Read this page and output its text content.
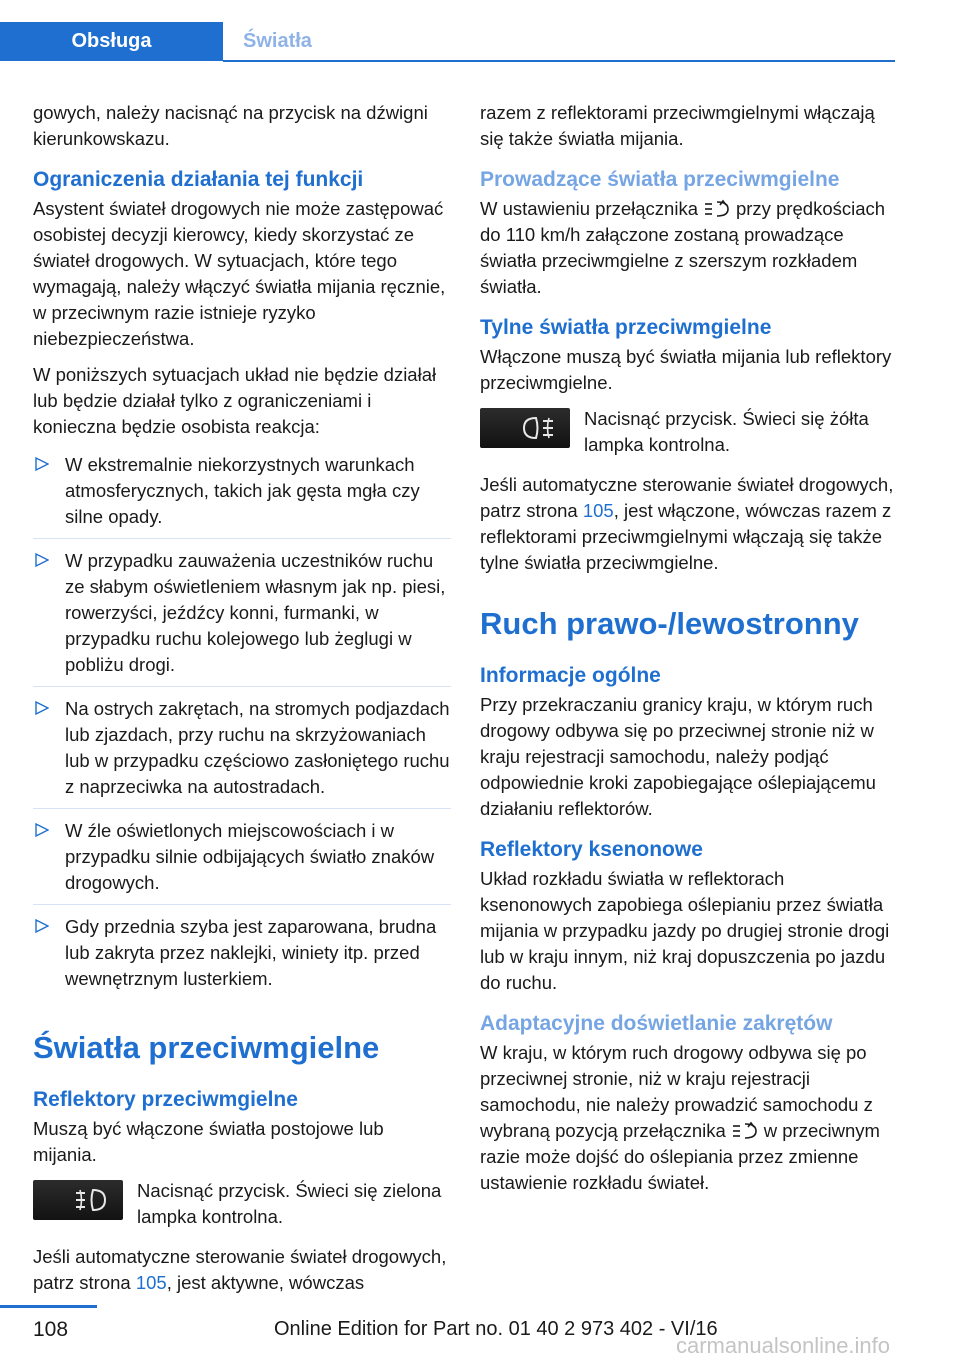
Obsługa	Światła

gowych, należy nacisnąć na przycisk na dźwigni kierunkowskazu.

Ograniczenia działania tej funkcji

Asystent świateł drogowych nie może zastępować osobistej decyzji kierowcy, kiedy skorzystać ze świateł drogowych. W sytuacjach, które tego wymagają, należy włączyć światła mijania ręcznie, w przeciwnym razie istnieje ryzyko niebezpieczeństwa.

W poniższych sytuacjach układ nie będzie działał lub będzie działał tylko z ograniczeniami i konieczna będzie osobista reakcja:

W ekstremalnie niekorzystnych warunkach atmosferycznych, takich jak gęsta mgła czy silne opady.
W przypadku zauważenia uczestników ruchu ze słabym oświetleniem własnym jak np. piesi, rowerzyści, jeźdźcy konni, furmanki, w przypadku ruchu kolejowego lub żeglugi w pobliżu drogi.
Na ostrych zakrętach, na stromych podjazdach lub zjazdach, przy ruchu na skrzyżowaniach lub w przypadku częściowo zasłoniętego ruchu z naprzeciwka na autostradach.
W źle oświetlonych miejscowościach i w przypadku silnie odbijających światło znaków drogowych.
Gdy przednia szyba jest zaparowana, brudna lub zakryta przez naklejki, winiety itp. przed wewnętrznym lusterkiem.
Światła przeciwmgielne
Reflektory przeciwmgielne

Muszą być włączone światła postojowe lub mijania.

Nacisnąć przycisk. Świeci się zielona lampka kontrolna.

Jeśli automatyczne sterowanie świateł drogowych, patrz strona 105, jest aktywne, wówczas

razem z reflektorami przeciwmgielnymi włączają się także światła mijania.

Prowadzące światła przeciwmgielne

W ustawieniu przełącznika przy prędkościach do 110 km/h załączone zostaną prowadzące światła przeciwmgielne z szerszym rozkładem światła.

Tylne światła przeciwmgielne

Włączone muszą być światła mijania lub reflektory przeciwmgielne.

Nacisnąć przycisk. Świeci się żółta lampka kontrolna.

Jeśli automatyczne sterowanie świateł drogowych, patrz strona 105, jest włączone, wówczas razem z reflektorami przeciwmgielnymi włączają się także tylne światła przeciwmgielne.

Ruch prawo-/lewostronny
Informacje ogólne

Przy przekraczaniu granicy kraju, w którym ruch drogowy odbywa się po przeciwnej stronie niż w kraju rejestracji samochodu, należy podjąć odpowiednie kroki zapobiegające oślepiającemu działaniu reflektorów.

Reflektory ksenonowe

Układ rozkładu światła w reflektorach ksenonowych zapobiega oślepianiu przez światła mijania w przypadku jazdy po drugiej stronie drogi lub w kraju innym, niż kraj dopuszczenia po jazdu do ruchu.

Adaptacyjne doświetlanie zakrętów

W kraju, w którym ruch drogowy odbywa się po przeciwnej stronie, niż w kraju rejestracji samochodu, nie należy prowadzić samochodu z wybraną pozycją przełącznika w przeciwnym razie może dojść do oślepiania przez zmienne ustawienie rozkładu świateł.

108	Online Edition for Part no. 01 40 2 973 402 - VI/16
carmanualsonline.info
